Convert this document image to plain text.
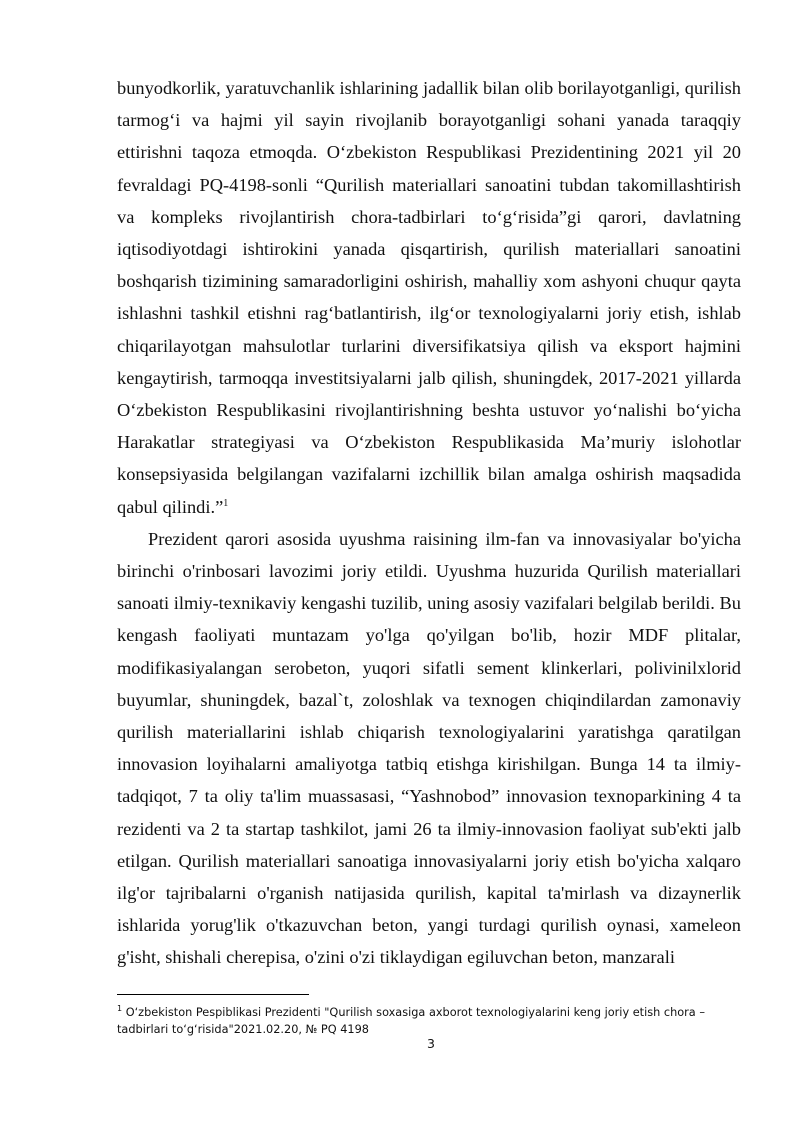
bunyodkorlik, yaratuvchanlik ishlarining jadallik bilan olib borilayotganligi, qurilish tarmog‘i va hajmi yil sayin rivojlanib borayotganligi sohani yanada taraqqiy ettirishni taqoza etmoqda. O‘zbekiston Respublikasi Prezidentining 2021 yil 20 fevraldagi PQ-4198-sonli “Qurilish materiallari sanoatini tubdan takomillashtirish va kompleks rivojlantirish chora-tadbirlari to‘g‘risida”gi qarori, davlatning iqtisodiyotdagi ishtirokini yanada qisqartirish, qurilish materiallari sanoatini boshqarish tizimining samaradorligini oshirish, mahalliy xom ashyoni chuqur qayta ishlashni tashkil etishni rag‘batlantirish, ilg‘or texnologiyalarni joriy etish, ishlab chiqarilayotgan mahsulotlar turlarini diversifikatsiya qilish va eksport hajmini kengaytirish, tarmoqqa investitsiyalarni jalb qilish, shuningdek, 2017-2021 yillarda O‘zbekiston Respublikasini rivojlantirishning beshta ustuvor yo‘nalishi bo‘yicha Harakatlar strategiyasi va O‘zbekiston Respublikasida Ma’muriy islohotlar konsepsiyasida belgilangan vazifalarni izchillik bilan amalga oshirish maqsadida qabul qilindi.”$^1$

Prezident qarori asosida uyushma raisining ilm-fan va innovasiyalar bo'yicha birinchi o'rinbosari lavozimi joriy etildi. Uyushma huzurida Qurilish materiallari sanoati ilmiy-texnikaviy kengashi tuzilib, uning asosiy vazifalari belgilab berildi. Bu kengash faoliyati muntazam yo'lga qo'yilgan bo'lib, hozir MDF plitalar, modifikasiyalangan serobeton, yuqori sifatli sement klinkerlari, polivinilxlorid buyumlar, shuningdek, bazal`t, zoloshlak va texnogen chiqindilardan zamonaviy qurilish materiallarini ishlab chiqarish texnologiyalarini yaratishga qaratilgan innovasion loyihalarni amaliyotga tatbiq etishga kirishilgan. Bunga 14 ta ilmiy-tadqiqot, 7 ta oliy ta'lim muassasasi, “Yashnobod” innovasion texnoparkining 4 ta rezidenti va 2 ta startap tashkilot, jami 26 ta ilmiy-innovasion faoliyat sub'ekti jalb etilgan. Qurilish materiallari sanoatiga innovasiyalarni joriy etish bo'yicha xalqaro ilg'or tajribalarni o'rganish natijasida qurilish, kapital ta'mirlash va dizaynerlik ishlarida yorug'lik o'tkazuvchan beton, yangi turdagi qurilish oynasi, xameleon g'isht, shishali cherepisa, o'zini o'zi tiklaydigan egiluvchan beton, manzarali

$^1$ O‘zbekiston Pespiblikasi Prezidenti "Qurilish soxasiga axborot texnologiyalarini keng joriy etish chora – tadbirlari to‘g‘risida"2021.02.20, № PQ 4198
3
